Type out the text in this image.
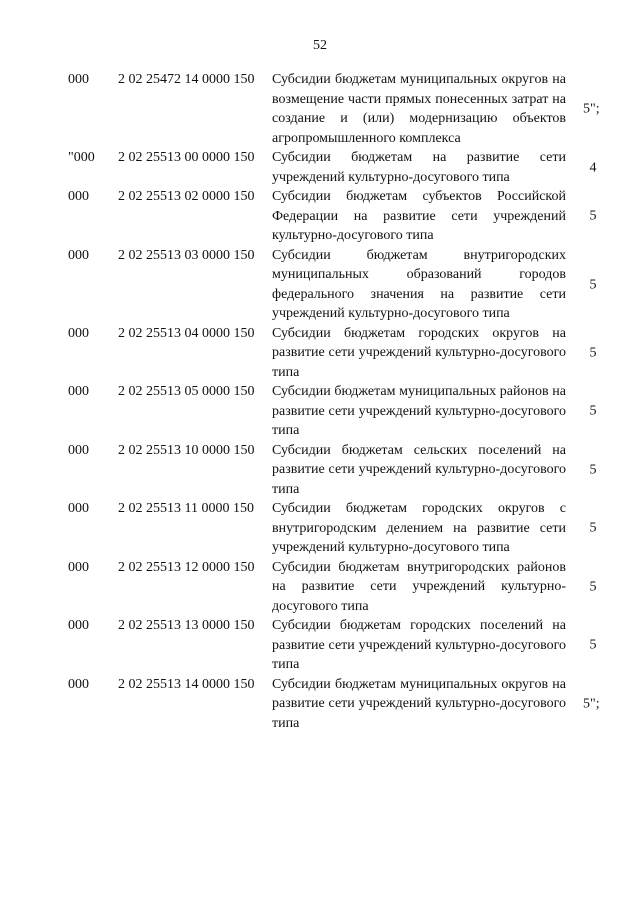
52
000 2 02 25472 14 0000 150 Субсидии бюджетам муниципальных округов на возмещение части прямых понесенных затрат на создание и (или) модернизацию объектов агропромышленного комплекса
5";
"000 2 02 25513 00 0000 150 Субсидии бюджетам на развитие сети учреждений культурно-досугового типа
4
000 2 02 25513 02 0000 150 Субсидии бюджетам субъектов Российской Федерации на развитие сети учреждений культурно-досугового типа
5
000 2 02 25513 03 0000 150 Субсидии бюджетам внутригородских муниципальных образований городов федерального значения на развитие сети учреждений культурно-досугового типа
5
000 2 02 25513 04 0000 150 Субсидии бюджетам городских округов на развитие сети учреждений культурно-досугового типа
5
000 2 02 25513 05 0000 150 Субсидии бюджетам муниципальных районов на развитие сети учреждений культурно-досугового типа
5
000 2 02 25513 10 0000 150 Субсидии бюджетам сельских поселений на развитие сети учреждений культурно-досугового типа
5
000 2 02 25513 11 0000 150 Субсидии бюджетам городских округов с внутригородским делением на развитие сети учреждений культурно-досугового типа
5
000 2 02 25513 12 0000 150 Субсидии бюджетам внутригородских районов на развитие сети учреждений культурно-досугового типа
5
000 2 02 25513 13 0000 150 Субсидии бюджетам городских поселений на развитие сети учреждений культурно-досугового типа
5
000 2 02 25513 14 0000 150 Субсидии бюджетам муниципальных округов на развитие сети учреждений культурно-досугового типа
5";
